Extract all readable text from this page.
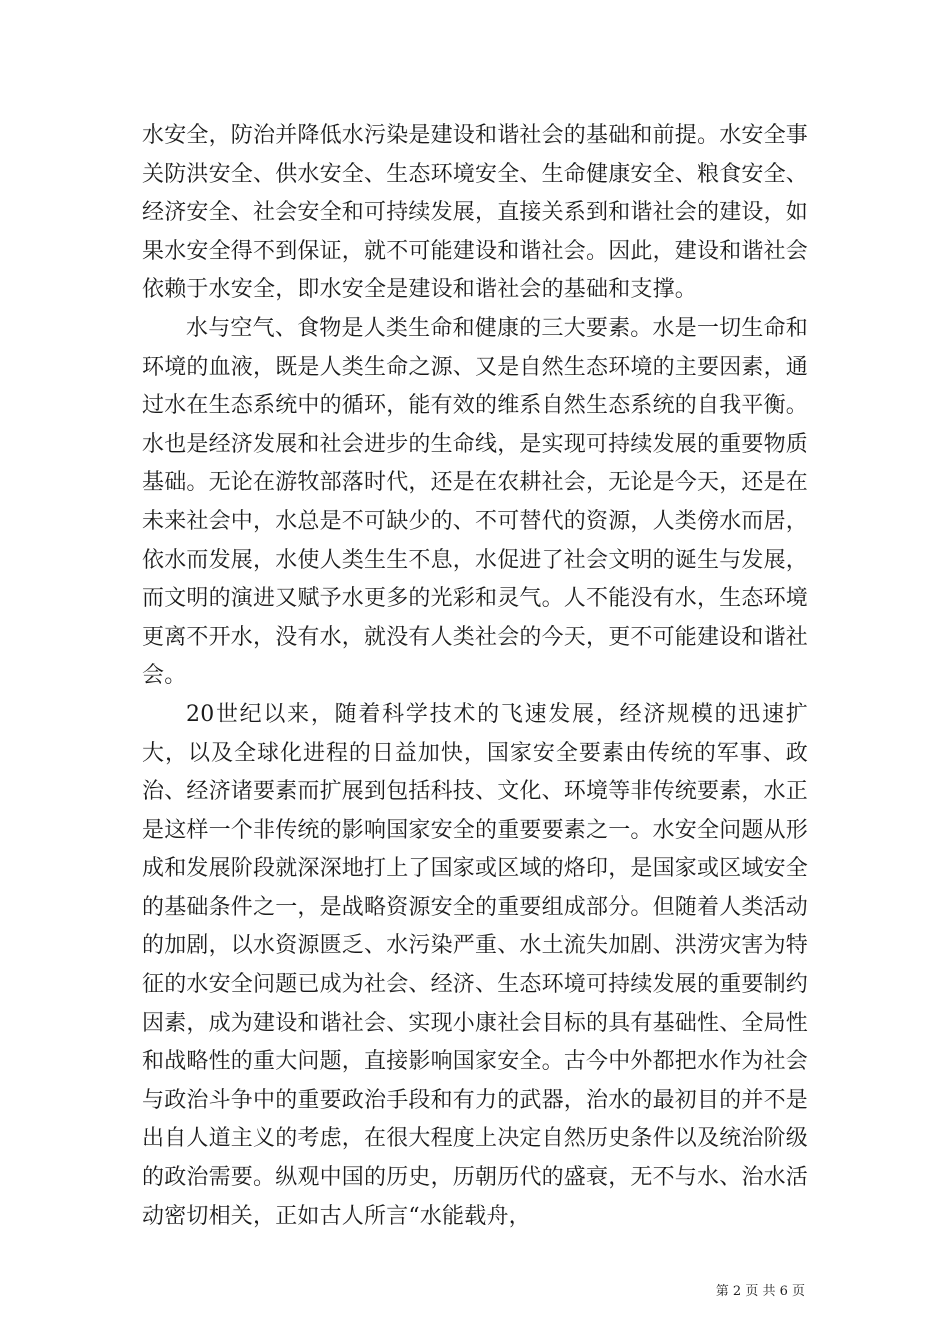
水安全，防治并降低水污染是建设和谐社会的基础和前提。水安全事关防洪安全、供水安全、生态环境安全、生命健康安全、粮食安全、经济安全、社会安全和可持续发展，直接关系到和谐社会的建设，如果水安全得不到保证，就不可能建设和谐社会。因此，建设和谐社会依赖于水安全，即水安全是建设和谐社会的基础和支撑。

水与空气、食物是人类生命和健康的三大要素。水是一切生命和环境的血液，既是人类生命之源、又是自然生态环境的主要因素，通过水在生态系统中的循环，能有效的维系自然生态系统的自我平衡。水也是经济发展和社会进步的生命线，是实现可持续发展的重要物质基础。无论在游牧部落时代，还是在农耕社会，无论是今天，还是在未来社会中，水总是不可缺少的、不可替代的资源，人类傍水而居，依水而发展，水使人类生生不息，水促进了社会文明的诞生与发展，而文明的演进又赋予水更多的光彩和灵气。人不能没有水，生态环境更离不开水，没有水，就没有人类社会的今天，更不可能建设和谐社会。

20世纪以来，随着科学技术的飞速发展，经济规模的迅速扩大，以及全球化进程的日益加快，国家安全要素由传统的军事、政治、经济诸要素而扩展到包括科技、文化、环境等非传统要素，水正是这样一个非传统的影响国家安全的重要要素之一。水安全问题从形成和发展阶段就深深地打上了国家或区域的烙印，是国家或区域安全的基础条件之一，是战略资源安全的重要组成部分。但随着人类活动的加剧，以水资源匮乏、水污染严重、水土流失加剧、洪涝灾害为特征的水安全问题已成为社会、经济、生态环境可持续发展的重要制约因素，成为建设和谐社会、实现小康社会目标的具有基础性、全局性和战略性的重大问题，直接影响国家安全。古今中外都把水作为社会与政治斗争中的重要政治手段和有力的武器，治水的最初目的并不是出自人道主义的考虑，在很大程度上决定自然历史条件以及统治阶级的政治需要。纵观中国的历史，历朝历代的盛衰，无不与水、治水活动密切相关，正如古人所言“水能载舟，

第 2 页 共 6 页
